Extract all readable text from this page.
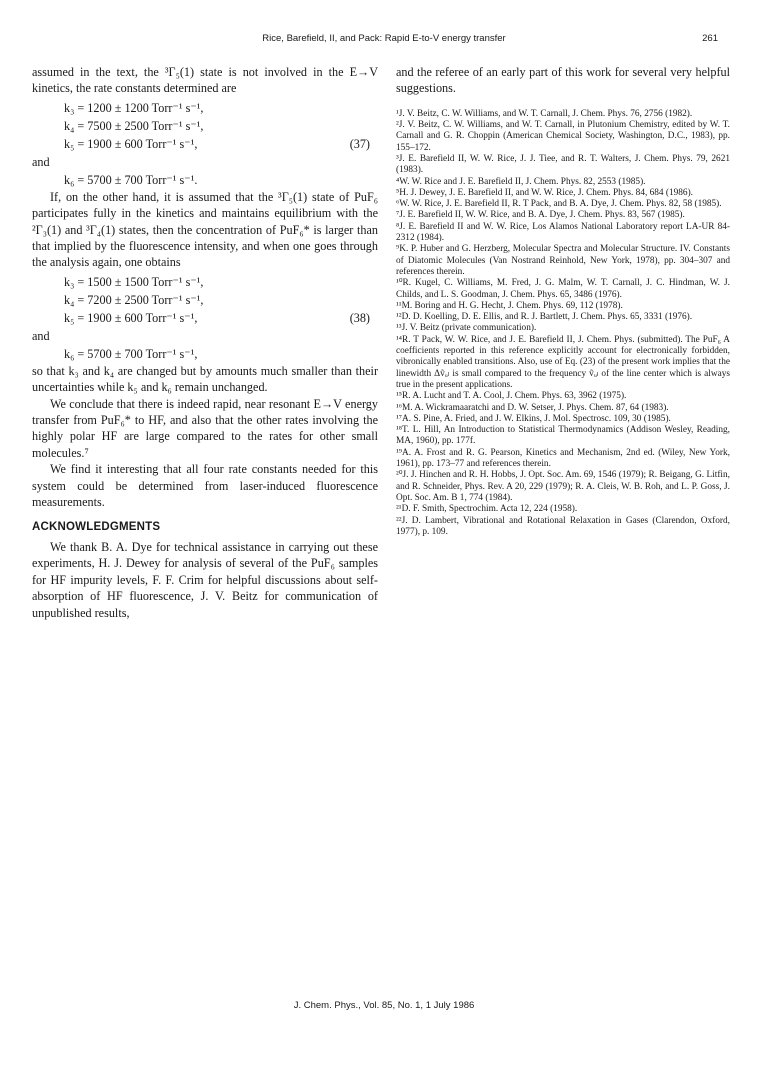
Rice, Barefield, II, and Pack: Rapid E-to-V energy transfer	261

assumed in the text, the ³Γ₅(1) state is not involved in the E→V kinetics, the rate constants determined are

k₃ = 1200 ± 1200 Torr⁻¹ s⁻¹,
k₄ = 7500 ± 2500 Torr⁻¹ s⁻¹,
k₅ = 1900 ± 600 Torr⁻¹ s⁻¹,	(37)
and
k₆ = 5700 ± 700 Torr⁻¹ s⁻¹.

If, on the other hand, it is assumed that the ³Γ₅(1) state of PuF₆ participates fully in the kinetics and maintains equilibrium with the ²Γ₃(1) and ³Γ₄(1) states, then the concentration of PuF₆* is larger than that implied by the fluorescence intensity, and when one goes through the analysis again, one obtains

k₃ = 1500 ± 1500 Torr⁻¹ s⁻¹,
k₄ = 7200 ± 2500 Torr⁻¹ s⁻¹,
k₅ = 1900 ± 600 Torr⁻¹ s⁻¹,	(38)
and
k₆ = 5700 ± 700 Torr⁻¹ s⁻¹,

so that k₃ and k₄ are changed but by amounts much smaller than their uncertainties while k₅ and k₆ remain unchanged.

We conclude that there is indeed rapid, near resonant E→V energy transfer from PuF₆* to HF, and also that the other rates involving the highly polar HF are large compared to the rates for other small molecules.⁷

We find it interesting that all four rate constants needed for this system could be determined from laser-induced fluorescence measurements.

ACKNOWLEDGMENTS

We thank B. A. Dye for technical assistance in carrying out these experiments, H. J. Dewey for analysis of several of the PuF₆ samples for HF impurity levels, F. F. Crim for helpful discussions about self-absorption of HF fluorescence, J. V. Beitz for communication of unpublished results,

and the referee of an early part of this work for several very helpful suggestions.

¹J. V. Beitz, C. W. Williams, and W. T. Carnall, J. Chem. Phys. 76, 2756 (1982).

²J. V. Beitz, C. W. Williams, and W. T. Carnall, in Plutonium Chemistry, edited by W. T. Carnall and G. R. Choppin (American Chemical Society, Washington, D.C., 1983), pp. 155–172.

³J. E. Barefield II, W. W. Rice, J. J. Tiee, and R. T. Walters, J. Chem. Phys. 79, 2621 (1983).

⁴W. W. Rice and J. E. Barefield II, J. Chem. Phys. 82, 2553 (1985).

⁵H. J. Dewey, J. E. Barefield II, and W. W. Rice, J. Chem. Phys. 84, 684 (1986).

⁶W. W. Rice, J. E. Barefield II, R. T Pack, and B. A. Dye, J. Chem. Phys. 82, 58 (1985).

⁷J. E. Barefield II, W. W. Rice, and B. A. Dye, J. Chem. Phys. 83, 567 (1985).

⁸J. E. Barefield II and W. W. Rice, Los Alamos National Laboratory report LA-UR 84-2312 (1984).

⁹K. P. Huber and G. Herzberg, Molecular Spectra and Molecular Structure. IV. Constants of Diatomic Molecules (Van Nostrand Reinhold, New York, 1978), pp. 304–307 and references therein.

¹⁰R. Kugel, C. Williams, M. Fred, J. G. Malm, W. T. Carnall, J. C. Hindman, W. J. Childs, and L. S. Goodman, J. Chem. Phys. 65, 3486 (1976).

¹¹M. Boring and H. G. Hecht, J. Chem. Phys. 69, 112 (1978).

¹²D. D. Koelling, D. E. Ellis, and R. J. Bartlett, J. Chem. Phys. 65, 3331 (1976).

¹³J. V. Beitz (private communication).

¹⁴R. T Pack, W. W. Rice, and J. E. Barefield II, J. Chem. Phys. (submitted). The PuF₆ A coefficients reported in this reference explicitly account for electronically forbidden, vibronically enabled transitions. Also, use of Eq. (23) of the present work implies that the linewidth Δṽᵤₗ is small compared to the frequency ṽᵤₗ of the line center which is always true in the present applications.

¹⁵R. A. Lucht and T. A. Cool, J. Chem. Phys. 63, 3962 (1975).

¹⁶M. A. Wickramaaratchi and D. W. Setser, J. Phys. Chem. 87, 64 (1983).

¹⁷A. S. Pine, A. Fried, and J. W. Elkins, J. Mol. Spectrosc. 109, 30 (1985).

¹⁸T. L. Hill, An Introduction to Statistical Thermodynamics (Addison Wesley, Reading, MA, 1960), pp. 177f.

¹⁹A. A. Frost and R. G. Pearson, Kinetics and Mechanism, 2nd ed. (Wiley, New York, 1961), pp. 173–77 and references therein.

²⁰J. J. Hinchen and R. H. Hobbs, J. Opt. Soc. Am. 69, 1546 (1979); R. Beigang, G. Litfin, and R. Schneider, Phys. Rev. A 20, 229 (1979); R. A. Cleis, W. B. Roh, and L. P. Goss, J. Opt. Soc. Am. B 1, 774 (1984).

²¹D. F. Smith, Spectrochim. Acta 12, 224 (1958).

²²J. D. Lambert, Vibrational and Rotational Relaxation in Gases (Clarendon, Oxford, 1977), p. 109.

J. Chem. Phys., Vol. 85, No. 1, 1 July 1986
